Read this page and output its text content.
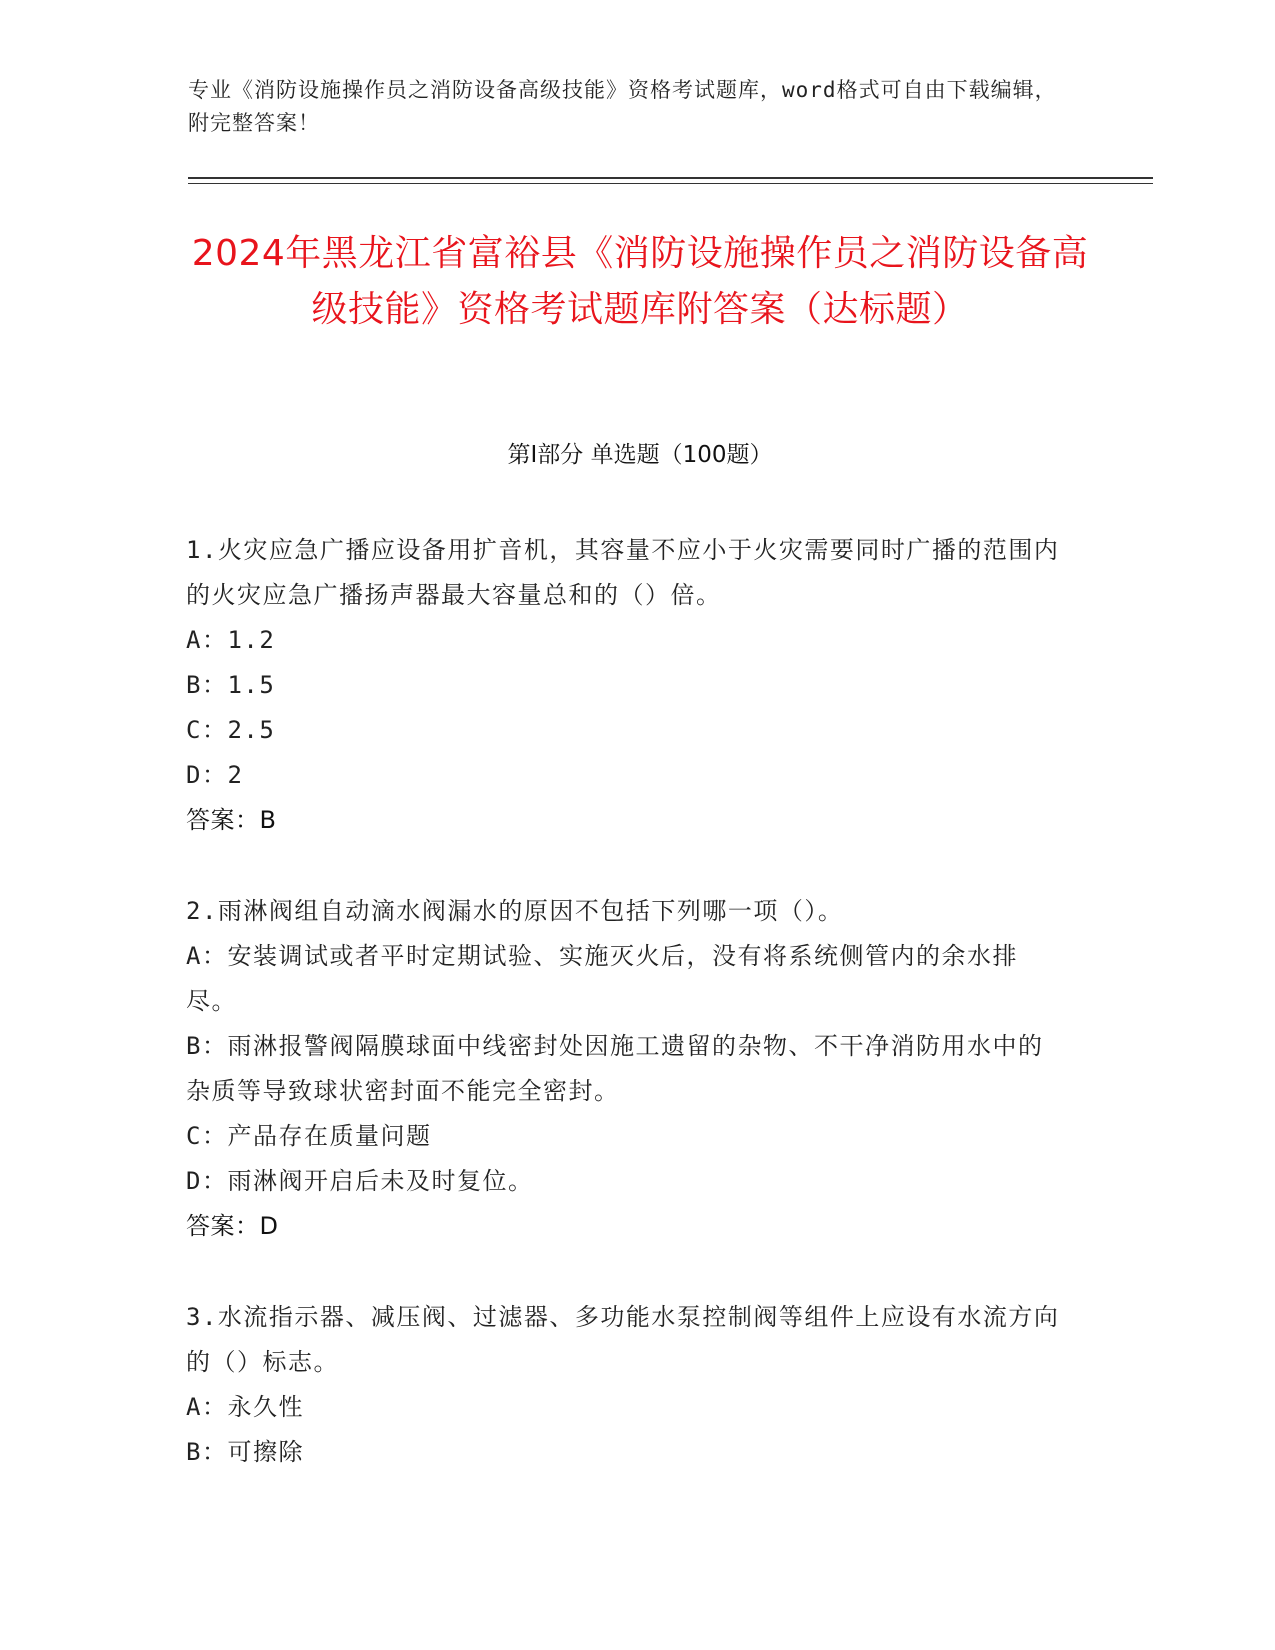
专业《消防设施操作员之消防设备高级技能》资格考试题库，word格式可自由下载编辑，附完整答案！
2024年黑龙江省富裕县《消防设施操作员之消防设备高级技能》资格考试题库附答案（达标题）
第Ⅰ部分 单选题（100题）

1.火灾应急广播应设备用扩音机，其容量不应小于火灾需要同时广播的范围内的火灾应急广播扬声器最大容量总和的（）倍。

A：1.2

B：1.5

C：2.5

D：2

答案：B

2.雨淋阀组自动滴水阀漏水的原因不包括下列哪一项（）。

A：安装调试或者平时定期试验、实施灭火后，没有将系统侧管内的余水排尽。

B：雨淋报警阀隔膜球面中线密封处因施工遗留的杂物、不干净消防用水中的杂质等导致球状密封面不能完全密封。

C：产品存在质量问题

D：雨淋阀开启后未及时复位。

答案：D

3.水流指示器、减压阀、过滤器、多功能水泵控制阀等组件上应设有水流方向的（）标志。

A：永久性

B：可擦除
